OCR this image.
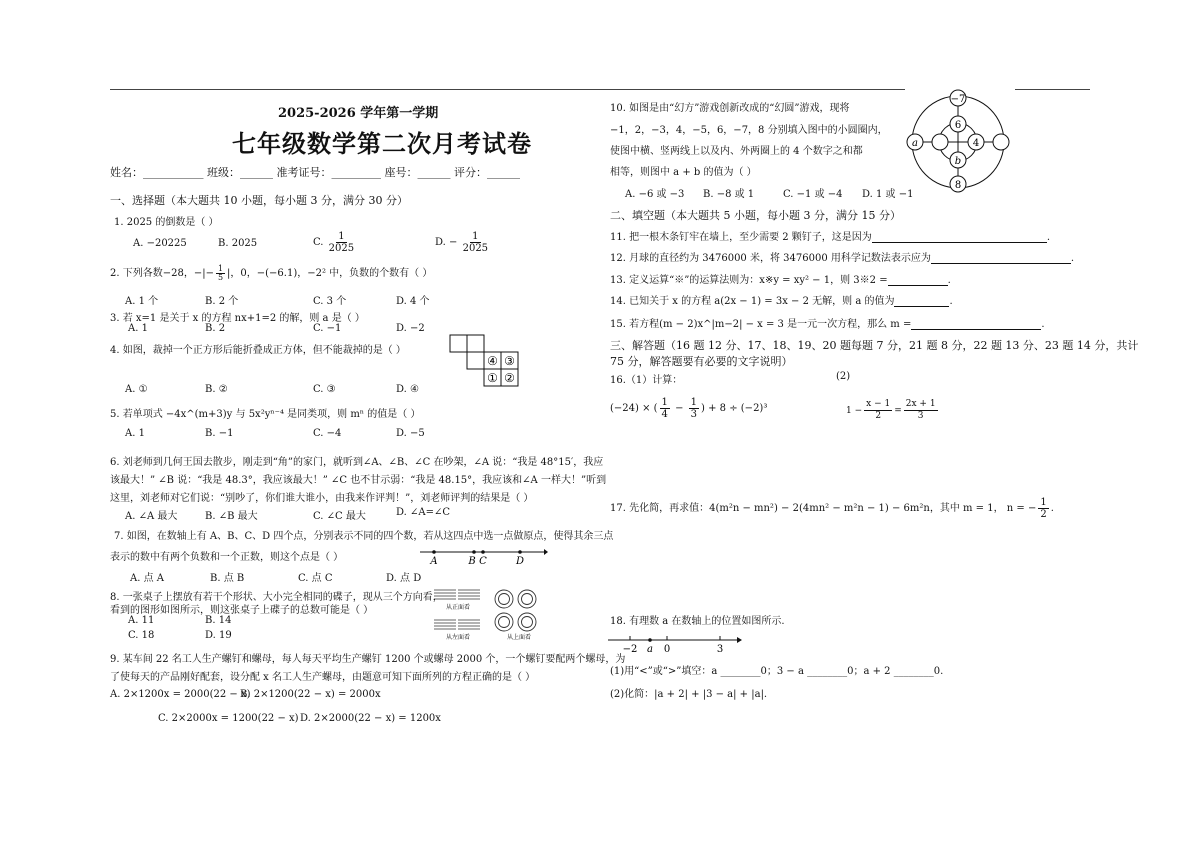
2025-2026 学年第一学期
七年级数学第二次月考试卷
姓名：___________ 班级：______ 准考证号：_________ 座号：______ 评分：______
一、选择题（本大题共 10 小题，每小题 3 分，满分 30 分）
1. 2025 的倒数是（ ）
A. −20225	B. 2025	C. $\frac{1}{2025}$	D. − $\frac{1}{2025}$
2. 下列各数−28，−|− $\frac{1}{5}$ |，0，−(−6.1)，−2² 中，负数的个数有（ ）
A. 1 个	B. 2 个	C. 3 个	D. 4 个
3. 若 x=1 是关于 x 的方程 nx+1=2 的解，则 a 是（ ）
A. 1	B. 2	C. −1	D. −2
4. 如图，裁掉一个正方形后能折叠成正方体，但不能裁掉的是（ ）
④ ③
① ②
A. ①	B. ②	C. ③	D. ④
5. 若单项式 −4x^(m+3)y 与 5x²yⁿ⁻⁴ 是同类项，则 mⁿ 的值是（ ）
A. 1	B. −1	C. −4	D. −5
6. 刘老师到几何王国去散步，刚走到“角”的家门，就听到∠A、∠B、∠C 在吵架，∠A 说：“我是 48°15′，我应
该最大！” ∠B 说：“我是 48.3°，我应该最大！” ∠C 也不甘示弱：“我是 48.15°，我应该和∠A 一样大！”听到
这里，刘老师对它们说：“别吵了，你们谁大谁小，由我来作评判！”，刘老师评判的结果是（ ）
A. ∠A 最大	B. ∠B 最大	C. ∠C 最大	D. ∠A=∠C
7. 如图，在数轴上有 A、B、C、D 四个点，分别表示不同的四个数，若从这四点中选一点做原点，使得其余三点
表示的数中有两个负数和一个正数，则这个点是（ ）	A	B C	D
A. 点 A	B. 点 B	C. 点 C	D. 点 D
8. 一张桌子上摆放有若干个形状、大小完全相同的碟子，现从三个方向看，
看到的图形如图所示，则这张桌子上碟子的总数可能是（ ）
A. 11	B. 14
C. 18	D. 19
从正面看
从左面看	从上面看
9. 某车间 22 名工人生产螺钉和螺母，每人每天平均生产螺钉 1200 个或螺母 2000 个，一个螺钉要配两个螺母，为
了使每天的产品刚好配套，设分配 x 名工人生产螺母，由题意可知下面所列的方程正确的是（ ）
A. 2×1200x = 2000(22 − x)
B. 2×1200(22 − x) = 2000x
C. 2×2000x = 1200(22 − x) D. 2×2000(22 − x) = 1200x
10. 如图是由“幻方”游戏创新改成的“幻圆”游戏，现将
−1，2，−3，4，−5，6，−7，8 分别填入图中的小圆圈内，
使图中横、竖两线上以及内、外两圈上的 4 个数字之和都
相等，则图中 a + b 的值为（ ）
A. −6 或 −3 B. −8 或 1	C. −1 或 −4 D. 1 或 −1
−7
6
4
b
8
a
二、填空题（本大题共 5 小题，每小题 3 分，满分 15 分）
11. 把一根木条钉牢在墙上，至少需要 2 颗钉子，这是因为	.
12. 月球的直径约为 3476000 米，将 3476000 用科学记数法表示应为	.
13. 定义运算“※”的运算法则为：x※y = xy² − 1，则 3※2 =	.
14. 已知关于 x 的方程 a(2x − 1) = 3x − 2 无解，则 a 的值为	.
15. 若方程(m − 2)x^|m−2| − x = 3 是一元一次方程，那么 m =	.
三、解答题（16 题 12 分、17、18、19、20 题每题 7 分，21 题 8 分，22 题 13 分、23 题 14 分，共计
75 分，解答题要有必要的文字说明）
16.（1）计算：	(2)
(−24) × ( $\frac{1}{4} - \frac{1}{3}$ ) + 8 ÷ (−2)³	$1 - \frac{x - 1}{2} = \frac{2x + 1}{3}$
17. 先化简，再求值：4(m²n − mn²) − 2(4mn² − m²n − 1) − 6m²n，其中 m = 1， n = − $\frac{1}{2}$ .
18. 有理数 a 在数轴上的位置如图所示.
−2 a 0	3
(1)用“<”或“>”填空：a ________0；3 − a ________0；a + 2 ________0.
(2)化简：|a + 2| + |3 − a| + |a|.
